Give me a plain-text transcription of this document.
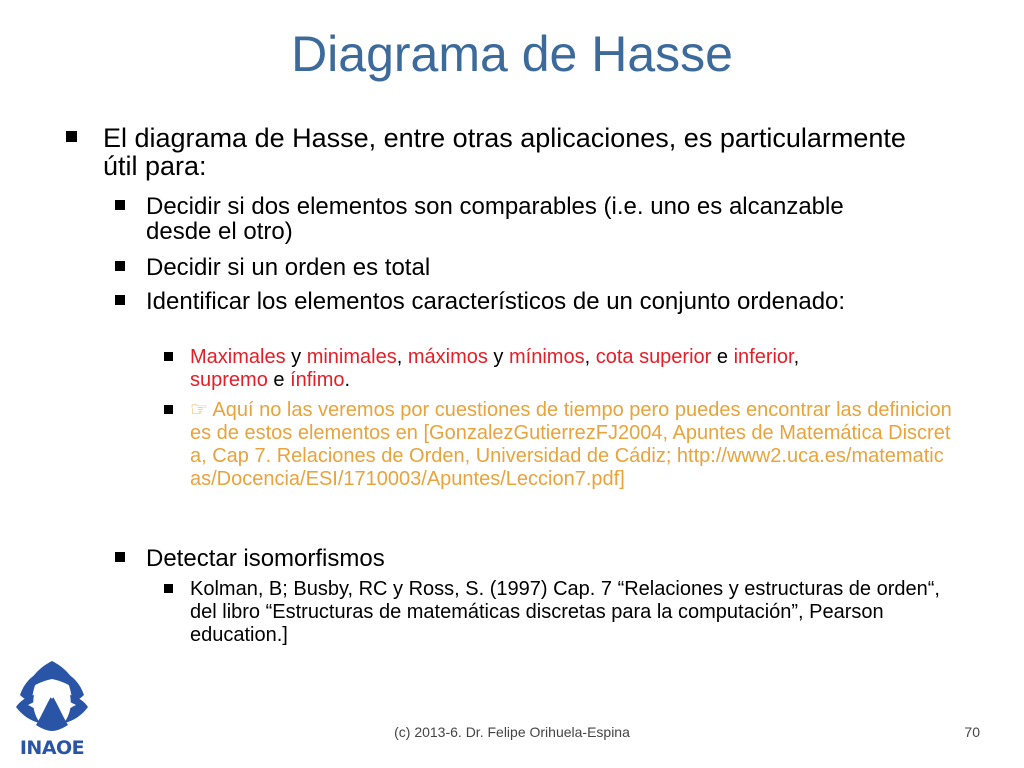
Diagrama de Hasse
El diagrama de Hasse, entre otras aplicaciones, es particularmente útil para:
Decidir si dos elementos son comparables (i.e. uno es alcanzable desde el otro)
Decidir si un orden es total
Identificar los elementos característicos de un conjunto ordenado:
Maximales y minimales, máximos y mínimos, cota superior e inferior,
supremo e ínfimo.
☞ Aquí no las veremos por cuestiones de tiempo pero puedes encontrar las definiciones de estos elementos en [GonzalezGutierrezFJ2004, Apuntes de Matemática Discreta, Cap 7. Relaciones de Orden, Universidad de Cádiz; http://www2.uca.es/matematicas/Docencia/ESI/1710003/Apuntes/Leccion7.pdf]
Detectar isomorfismos
Kolman, B; Busby, RC y Ross, S. (1997) Cap. 7 “Relaciones y estructuras de orden“, del libro “Estructuras de matemáticas discretas para la computación”, Pearson education.]
INAOE
(c) 2013-6. Dr. Felipe Orihuela-Espina	70
